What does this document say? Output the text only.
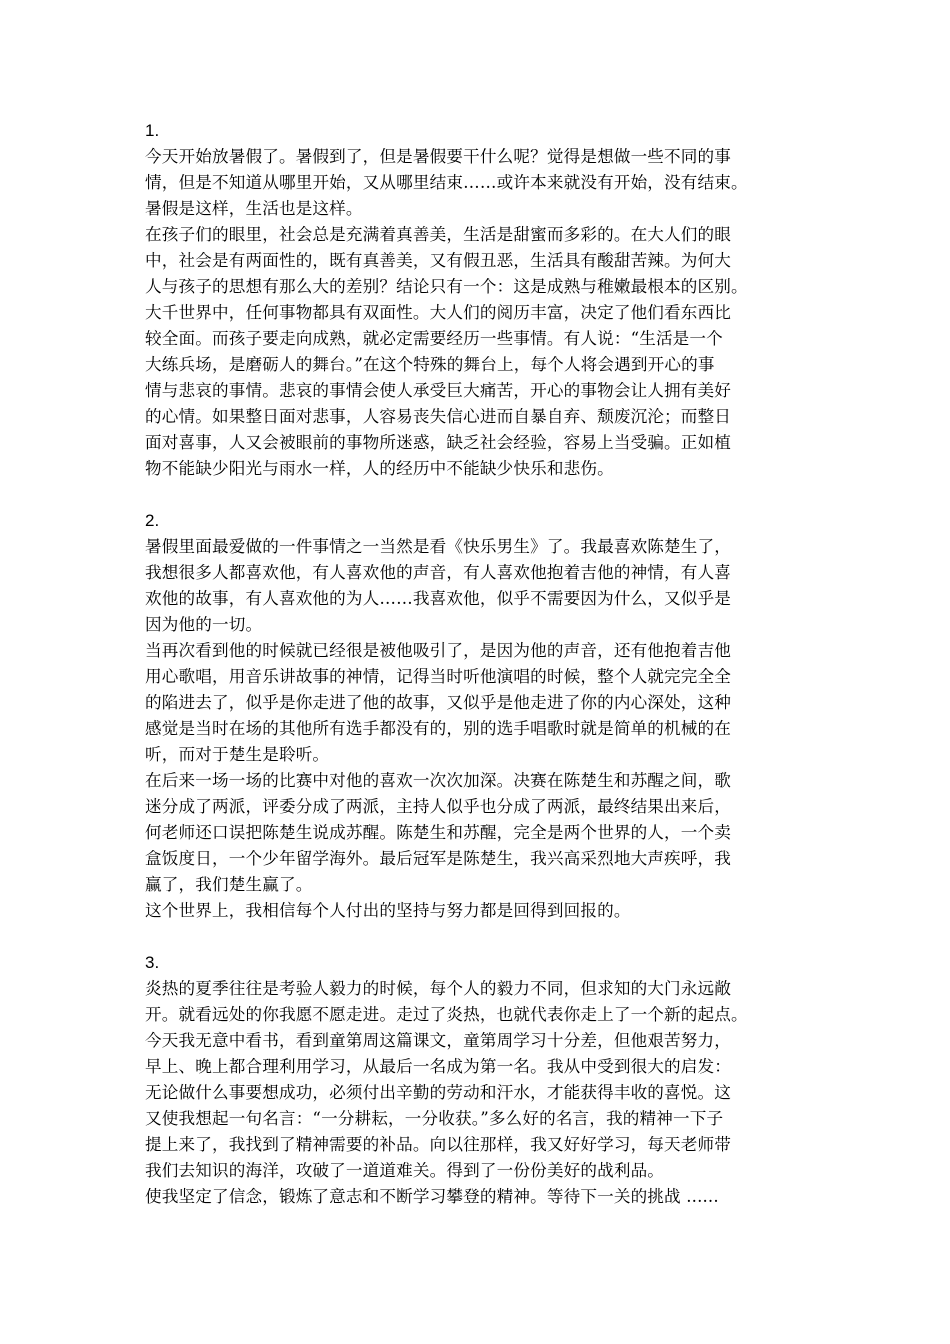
1.
今天开始放暑假了。暑假到了，但是暑假要干什么呢？觉得是想做一些不同的事
情，但是不知道从哪里开始，又从哪里结束……或许本来就没有开始，没有结束。
暑假是这样，生活也是这样。
在孩子们的眼里，社会总是充满着真善美，生活是甜蜜而多彩的。在大人们的眼
中，社会是有两面性的，既有真善美，又有假丑恶，生活具有酸甜苦辣。为何大
人与孩子的思想有那么大的差别？结论只有一个：这是成熟与稚嫩最根本的区别。
大千世界中，任何事物都具有双面性。大人们的阅历丰富，决定了他们看东西比
较全面。而孩子要走向成熟，就必定需要经历一些事情。有人说：“生活是一个
大练兵场，是磨砺人的舞台。”在这个特殊的舞台上，每个人将会遇到开心的事
情与悲哀的事情。悲哀的事情会使人承受巨大痛苦，开心的事物会让人拥有美好
的心情。如果整日面对悲事，人容易丧失信心进而自暴自弃、颓废沉沦；而整日
面对喜事，人又会被眼前的事物所迷惑，缺乏社会经验，容易上当受骗。正如植
物不能缺少阳光与雨水一样，人的经历中不能缺少快乐和悲伤。
2.
暑假里面最爱做的一件事情之一当然是看《快乐男生》了。我最喜欢陈楚生了，
我想很多人都喜欢他，有人喜欢他的声音，有人喜欢他抱着吉他的神情，有人喜
欢他的故事，有人喜欢他的为人……我喜欢他，似乎不需要因为什么，又似乎是
因为他的一切。
当再次看到他的时候就已经很是被他吸引了，是因为他的声音，还有他抱着吉他
用心歌唱，用音乐讲故事的神情，记得当时听他演唱的时候，整个人就完完全全
的陷进去了，似乎是你走进了他的故事，又似乎是他走进了你的内心深处，这种
感觉是当时在场的其他所有选手都没有的，别的选手唱歌时就是简单的机械的在
听，而对于楚生是聆听。
在后来一场一场的比赛中对他的喜欢一次次加深。决赛在陈楚生和苏醒之间，歌
迷分成了两派，评委分成了两派，主持人似乎也分成了两派，最终结果出来后，
何老师还口误把陈楚生说成苏醒。陈楚生和苏醒，完全是两个世界的人，一个卖
盒饭度日，一个少年留学海外。最后冠军是陈楚生，我兴高采烈地大声疾呼，我
赢了，我们楚生赢了。
这个世界上，我相信每个人付出的坚持与努力都是回得到回报的。
3.
炎热的夏季往往是考验人毅力的时候，每个人的毅力不同，但求知的大门永远敞
开。就看远处的你我愿不愿走进。走过了炎热，也就代表你走上了一个新的起点。
今天我无意中看书，看到童第周这篇课文，童第周学习十分差，但他艰苦努力，
早上、晚上都合理利用学习，从最后一名成为第一名。我从中受到很大的启发：
无论做什么事要想成功，必须付出辛勤的劳动和汗水，才能获得丰收的喜悦。这
又使我想起一句名言：“一分耕耘，一分收获。”多么好的名言，我的精神一下子
提上来了，我找到了精神需要的补品。向以往那样，我又好好学习，每天老师带
我们去知识的海洋，攻破了一道道难关。得到了一份份美好的战利品。
使我坚定了信念，锻炼了意志和不断学习攀登的精神。等待下一关的挑战 ......
